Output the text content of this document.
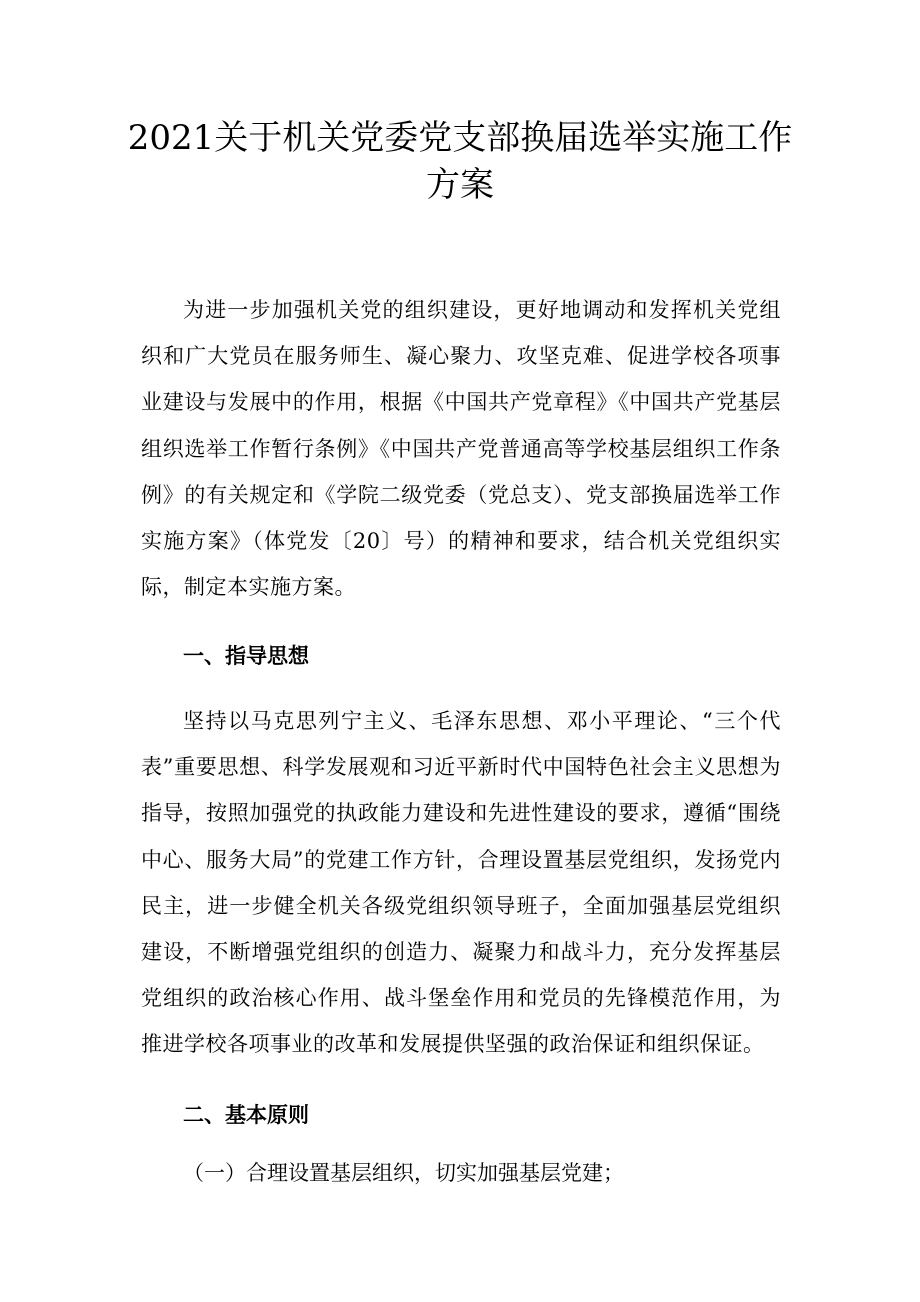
2021关于机关党委党支部换届选举实施工作方案

为进一步加强机关党的组织建设，更好地调动和发挥机关党组织和广大党员在服务师生、凝心聚力、攻坚克难、促进学校各项事业建设与发展中的作用，根据《中国共产党章程》《中国共产党基层组织选举工作暂行条例》《中国共产党普通高等学校基层组织工作条例》的有关规定和《学院二级党委（党总支）、党支部换届选举工作实施方案》（体党发〔20〕号）的精神和要求，结合机关党组织实际，制定本实施方案。

一、指导思想

坚持以马克思列宁主义、毛泽东思想、邓小平理论、“三个代表”重要思想、科学发展观和习近平新时代中国特色社会主义思想为指导，按照加强党的执政能力建设和先进性建设的要求，遵循“围绕中心、服务大局”的党建工作方针，合理设置基层党组织，发扬党内民主，进一步健全机关各级党组织领导班子，全面加强基层党组织建设，不断增强党组织的创造力、凝聚力和战斗力，充分发挥基层党组织的政治核心作用、战斗堡垒作用和党员的先锋模范作用，为推进学校各项事业的改革和发展提供坚强的政治保证和组织保证。

二、基本原则

（一）合理设置基层组织，切实加强基层党建；
